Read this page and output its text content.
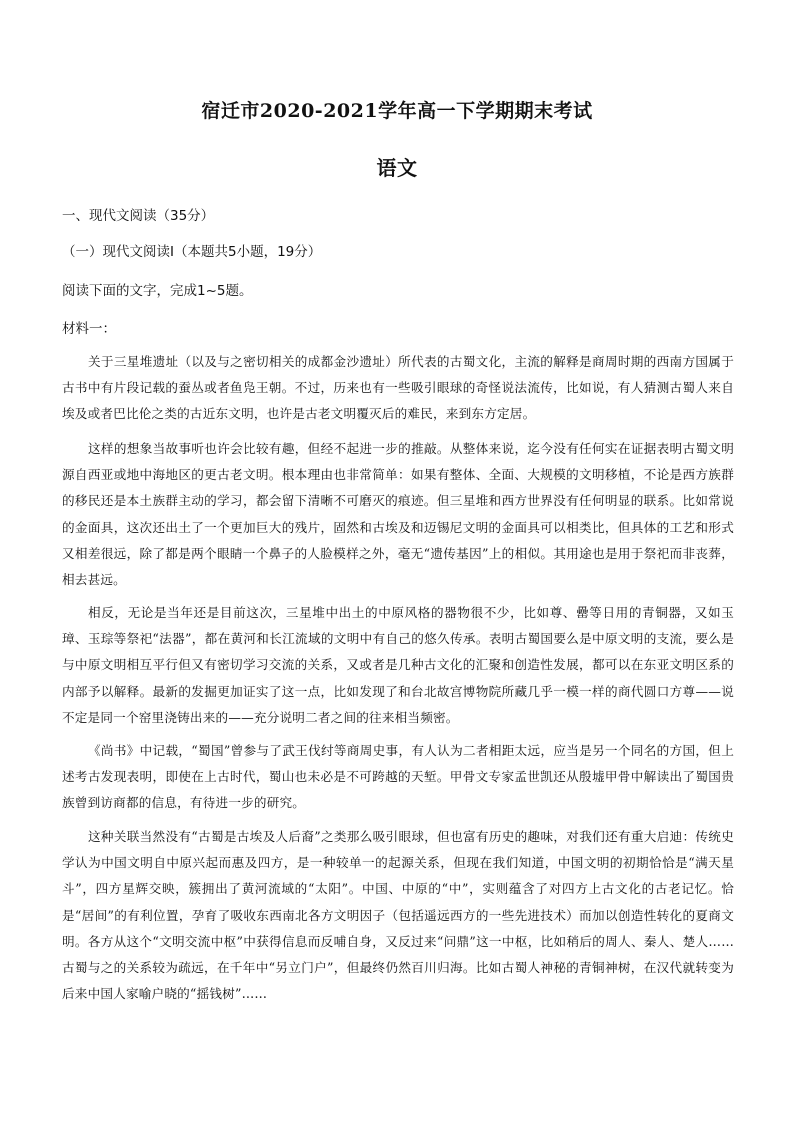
宿迁市2020-2021学年高一下学期期末考试
语文
一、现代文阅读（35分）
（一）现代文阅读Ⅰ（本题共5小题，19分）
阅读下面的文字，完成1~5题。
材料一：

关于三星堆遗址（以及与之密切相关的成都金沙遗址）所代表的古蜀文化，主流的解释是商周时期的西南方国属于古书中有片段记载的蚕丛或者鱼凫王朝。不过，历来也有一些吸引眼球的奇怪说法流传，比如说，有人猜测古蜀人来自埃及或者巴比伦之类的古近东文明，也许是古老文明覆灭后的难民，来到东方定居。

这样的想象当故事听也许会比较有趣，但经不起进一步的推敲。从整体来说，迄今没有任何实在证据表明古蜀文明源自西亚或地中海地区的更古老文明。根本理由也非常简单：如果有整体、全面、大规模的文明移植，不论是西方族群的移民还是本土族群主动的学习，都会留下清晰不可磨灭的痕迹。但三星堆和西方世界没有任何明显的联系。比如常说的金面具，这次还出土了一个更加巨大的残片，固然和古埃及和迈锡尼文明的金面具可以相类比，但具体的工艺和形式又相差很远，除了都是两个眼睛一个鼻子的人脸模样之外，毫无“遗传基因”上的相似。其用途也是用于祭祀而非丧葬，相去甚远。

相反，无论是当年还是目前这次，三星堆中出土的中原风格的器物很不少，比如尊、罍等日用的青铜器，又如玉璋、玉琮等祭祀“法器”，都在黄河和长江流域的文明中有自己的悠久传承。表明古蜀国要么是中原文明的支流，要么是与中原文明相互平行但又有密切学习交流的关系，又或者是几种古文化的汇聚和创造性发展，都可以在东亚文明区系的内部予以解释。最新的发掘更加证实了这一点，比如发现了和台北故宫博物院所藏几乎一模一样的商代圆口方尊——说不定是同一个窑里浇铸出来的——充分说明二者之间的往来相当频密。

《尚书》中记载，“蜀国”曾参与了武王伐纣等商周史事，有人认为二者相距太远，应当是另一个同名的方国，但上述考古发现表明，即使在上古时代，蜀山也未必是不可跨越的天堑。甲骨文专家孟世凯还从殷墟甲骨中解读出了蜀国贵族曾到访商都的信息，有待进一步的研究。

这种关联当然没有“古蜀是古埃及人后裔”之类那么吸引眼球，但也富有历史的趣味，对我们还有重大启迪：传统史学认为中国文明自中原兴起而惠及四方，是一种较单一的起源关系，但现在我们知道，中国文明的初期恰恰是“满天星斗”，四方星辉交映，簇拥出了黄河流域的“太阳”。中国、中原的“中”，实则蕴含了对四方上古文化的古老记忆。恰是“居间”的有利位置，孕育了吸收东西南北各方文明因子（包括遥远西方的一些先进技术）而加以创造性转化的夏商文明。各方从这个“文明交流中枢”中获得信息而反哺自身，又反过来“问鼎”这一中枢，比如稍后的周人、秦人、楚人……古蜀与之的关系较为疏远，在千年中“另立门户”，但最终仍然百川归海。比如古蜀人神秘的青铜神树，在汉代就转变为后来中国人家喻户晓的“摇钱树”……
